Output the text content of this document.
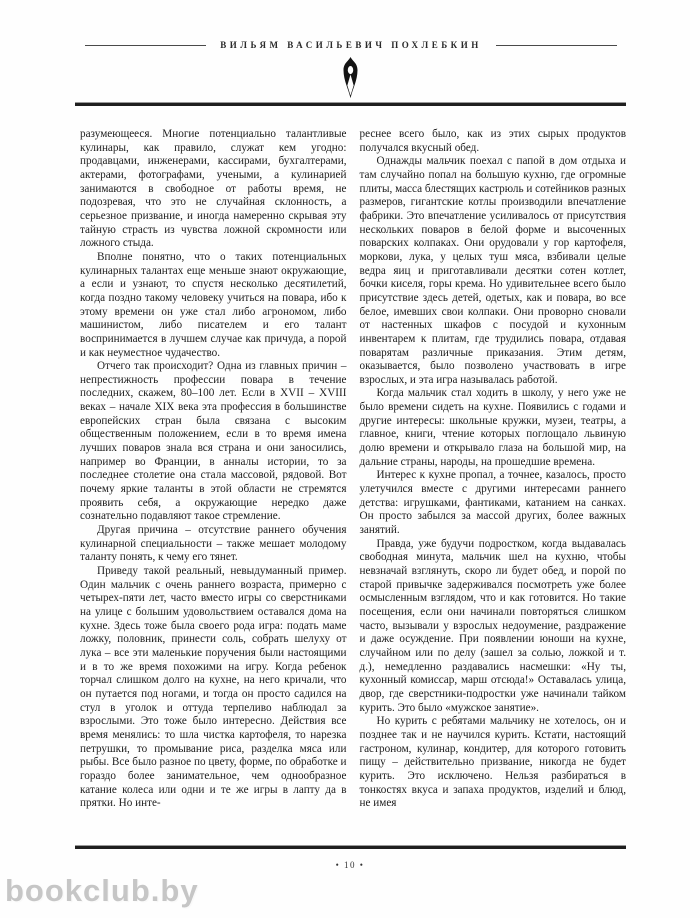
ВИЛЬЯМ ВАСИЛЬЕВИЧ ПОХЛЕБКИН

разумеющееся. Многие потенциально талантливые кулинары, как правило, служат кем угодно: продавцами, инженерами, кассирами, бухгалтерами, актерами, фотографами, учеными, а кулинарией занимаются в свободное от работы время, не подозревая, что это не случайная склонность, а серьезное призвание, и иногда намеренно скрывая эту тайную страсть из чувства ложной скромности или ложного стыда.

Вполне понятно, что о таких потенциальных кулинарных талантах еще меньше знают окружающие, а если и узнают, то спустя несколько десятилетий, когда поздно такому человеку учиться на повара, ибо к этому времени он уже стал либо агрономом, либо машинистом, либо писателем и его талант воспринимается в лучшем случае как причуда, а порой и как неуместное чудачество.

Отчего так происходит? Одна из главных причин – непрестижность профессии повара в течение последних, скажем, 80–100 лет. Если в XVII – XVIII веках – начале XIX века эта профессия в большинстве европейских стран была связана с высоким общественным положением, если в то время имена лучших поваров знала вся страна и они заносились, например во Франции, в анналы истории, то за последнее столетие она стала массовой, рядовой. Вот почему яркие таланты в этой области не стремятся проявить себя, а окружающие нередко даже сознательно подавляют такое стремление.

Другая причина – отсутствие раннего обучения кулинарной специальности – также мешает молодому таланту понять, к чему его тянет.

Приведу такой реальный, невыдуманный пример. Один мальчик с очень раннего возраста, примерно с четырех-пяти лет, часто вместо игры со сверстниками на улице с большим удовольствием оставался дома на кухне. Здесь тоже была своего рода игра: подать маме ложку, половник, принести соль, собрать шелуху от лука – все эти маленькие поручения были настоящими и в то же время похожими на игру. Когда ребенок торчал слишком долго на кухне, на него кричали, что он путается под ногами, и тогда он просто садился на стул в уголок и оттуда терпеливо наблюдал за взрослыми. Это тоже было интересно. Действия все время менялись: то шла чистка картофеля, то нарезка петрушки, то промывание риса, разделка мяса или рыбы. Все было разное по цвету, форме, по обработке и гораздо более занимательное, чем однообразное катание колеса или одни и те же игры в лапту да в прятки. Но инте-

реснее всего было, как из этих сырых продуктов получался вкусный обед.

Однажды мальчик поехал с папой в дом отдыха и там случайно попал на большую кухню, где огромные плиты, масса блестящих кастрюль и сотейников разных размеров, гигантские котлы производили впечатление фабрики. Это впечатление усиливалось от присутствия нескольких поваров в белой форме и высоченных поварских колпаках. Они орудовали у гор картофеля, моркови, лука, у целых туш мяса, взбивали целые ведра яиц и приготавливали десятки сотен котлет, бочки киселя, горы крема. Но удивительнее всего было присутствие здесь детей, одетых, как и повара, во все белое, имевших свои колпаки. Они проворно сновали от настенных шкафов с посудой и кухонным инвентарем к плитам, где трудились повара, отдавая поварятам различные приказания. Этим детям, оказывается, было позволено участвовать в игре взрослых, и эта игра называлась работой.

Когда мальчик стал ходить в школу, у него уже не было времени сидеть на кухне. Появились с годами и другие интересы: школьные кружки, музеи, театры, а главное, книги, чтение которых поглощало львиную долю времени и открывало глаза на большой мир, на дальние страны, народы, на прошедшие времена.

Интерес к кухне пропал, а точнее, казалось, просто улетучился вместе с другими интересами раннего детства: игрушками, фантиками, катанием на санках. Он просто забылся за массой других, более важных занятий.

Правда, уже будучи подростком, когда выдавалась свободная минута, мальчик шел на кухню, чтобы невзначай взглянуть, скоро ли будет обед, и порой по старой привычке задерживался посмотреть уже более осмысленным взглядом, что и как готовится. Но такие посещения, если они начинали повторяться слишком часто, вызывали у взрослых недоумение, раздражение и даже осуждение. При появлении юноши на кухне, случайном или по делу (зашел за солью, ложкой и т. д.), немедленно раздавались насмешки: «Ну ты, кухонный комиссар, марш отсюда!» Оставалась улица, двор, где сверстники-подростки уже начинали тайком курить. Это было «мужское занятие».

Но курить с ребятами мальчику не хотелось, он и позднее так и не научился курить. Кстати, настоящий гастроном, кулинар, кондитер, для которого готовить пищу – действительно призвание, никогда не будет курить. Это исключено. Нельзя разбираться в тонкостях вкуса и запаха продуктов, изделий и блюд, не имея

• 10 •
bookclub.by
